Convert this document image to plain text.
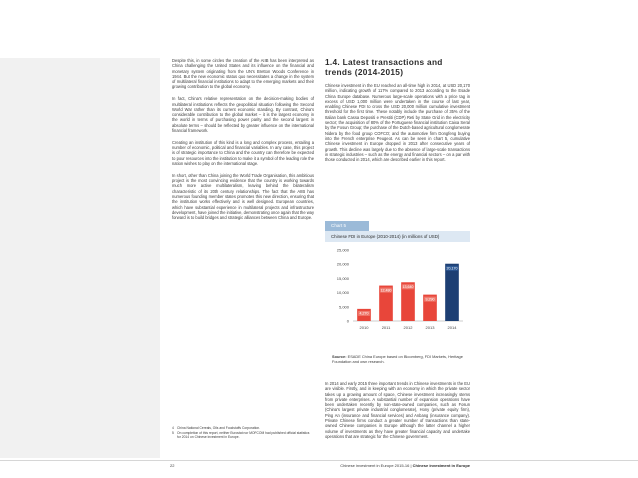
Despite this, in some circles the creation of the AIIB has been interpreted as China challenging the United States and its influence on the financial and monetary system originating from the UN's Bretton Woods Conference in 1944. But the new economic status quo necessitates a change in the system of multilateral financial institutions to adapt to the emerging markets and their growing contribution to the global economy.

In fact, China's relative representation on the decision-making bodies of multilateral institutions reflects the geopolitical situation following the Second World War rather than its current economic standing. By contrast, China's considerable contribution to the global market – it is the largest economy in the world in terms of purchasing power parity and the second largest in absolute terms – should be reflected by greater influence on the international financial framework.

Creating an institution of this kind is a long and complex process, entailing a number of economic, political and financial variables. In any case, this project is of strategic importance to China and the country can therefore be expected to pour resources into the institution to make it a symbol of the leading role the nation wishes to play on the international stage.

In short, other than China joining the World Trade Organisation, this ambitious project is the most convincing evidence that the country is working towards much more active multilateralism, leaving behind the bilateralism characteristic of its 20th century relationships. The fact that the AIIB has numerous founding member states promotes this new direction, ensuring that the institution works effectively and is well designed. European countries, which have substantial experience in multilateral projects and infrastructure development, have joined the initiative, demonstrating once again that the way forward is to build bridges and strategic alliances between China and Europe.

1.4. Latest transactions and trends (2014-2015)

Chinese investment in the EU reached an all-time high in 2014, at USD 20,170 million, indicating growth of 117% compared to 2013 according to the Esade China Europe database. Numerous large-scale operations with a price tag in excess of USD 1,000 million were undertaken in the course of last year, enabling Chinese FDI to cross the USD 20,000 million cumulative investment threshold for the first time. These notably include the purchase of 35% of the Italian bank Cassa Depositi e Prestiti (CDP) Reti by State Grid in the electricity sector; the acquisition of 80% of the Portuguese financial institution Caixa Seral by the Fosun Group; the purchase of the Dutch-based agricultural conglomerate Nidera by the food group COFCO; and the automotive firm Dongfeng buying into the French enterprise Peugeot. As can be seen in chart 5, cumulative Chinese investment in Europe dropped in 2013 after consecutive years of growth. This decline was largely due to the absence of large-scale transactions in strategic industries – such as the energy and financial sectors – on a par with those conducted in 2014, which are described earlier in this report.

Chart 5
Chinese FDI in Europe (2010-2014) (in millions of USD)
0
5,000
10,000
15,000
20,000
25,000
4,270
2010
12,480
2011
13,640
2012
9,290
2013
20,170
2014
Source: ESADE China Europe based on Bloomberg, FDI Markets, Heritage Foundation and own research.

In 2014 and early 2015 three important trends in Chinese investments in the EU are visible. Firstly, and in keeping with an economy in which the private sector takes up a growing amount of space, Chinese investment increasingly stems from private enterprises. A substantial number of expansion operations have been undertaken recently by non-state-owned companies, such as Fosun (China's largest private industrial conglomerate), Hony (private equity firm), Ping An (insurance and financial services) and Anbang (insurance company). Private Chinese firms conduct a greater number of transactions than state-owned Chinese companies in Europe although the latter channel a higher volume of investments as they have greater financial capacity and undertake operations that are strategic for the Chinese government.

4 China National Cereals, Oils and Foodstuffs Corporation.
5 On completion of this report, neither Eurostat nor MOFCOM had published official statistics for 2014 on Chinese investment in Europe.
22	Chinese investment in Europe 2015-16 | Chinese investment in Europe
